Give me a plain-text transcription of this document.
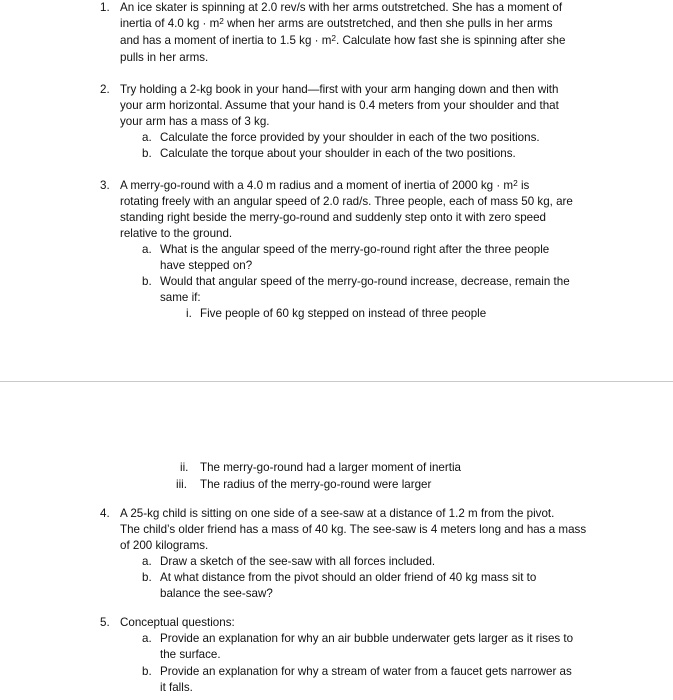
1. An ice skater is spinning at 2.0 rev/s with her arms outstretched. She has a moment of
inertia of 4.0 kg · $m^2$ when her arms are outstretched, and then she pulls in her arms
and has a moment of inertia to 1.5 kg · $m^2$. Calculate how fast she is spinning after she
pulls in her arms.
2. Try holding a 2-kg book in your hand—first with your arm hanging down and then with
your arm horizontal. Assume that your hand is 0.4 meters from your shoulder and that
your arm has a mass of 3 kg.
a. Calculate the force provided by your shoulder in each of the two positions.
b. Calculate the torque about your shoulder in each of the two positions.
3. A merry-go-round with a 4.0 m radius and a moment of inertia of 2000 kg · $m^2$ is
rotating freely with an angular speed of 2.0 rad/s. Three people, each of mass 50 kg, are
standing right beside the merry-go-round and suddenly step onto it with zero speed
relative to the ground.
a. What is the angular speed of the merry-go-round right after the three people
have stepped on?
b. Would that angular speed of the merry-go-round increase, decrease, remain the
same if:
i. Five people of 60 kg stepped on instead of three people
ii. The merry-go-round had a larger moment of inertia
iii. The radius of the merry-go-round were larger
4. A 25-kg child is sitting on one side of a see-saw at a distance of 1.2 m from the pivot.
The child’s older friend has a mass of 40 kg. The see-saw is 4 meters long and has a mass
of 200 kilograms.
a. Draw a sketch of the see-saw with all forces included.
b. At what distance from the pivot should an older friend of 40 kg mass sit to
balance the see-saw?
5. Conceptual questions:
a. Provide an explanation for why an air bubble underwater gets larger as it rises to
the surface.
b. Provide an explanation for why a stream of water from a faucet gets narrower as
it falls.
